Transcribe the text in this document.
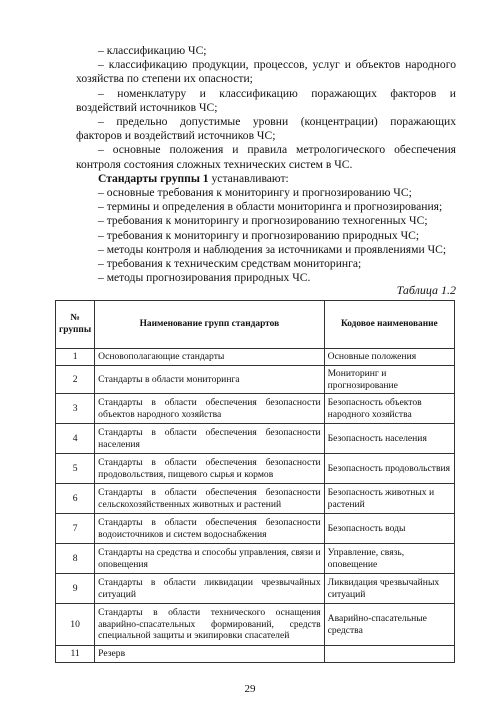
– классификацию ЧС;

– классификацию продукции, процессов, услуг и объектов народного хозяйства по степени их опасности;

– номенклатуру и классификацию поражающих факторов и воздействий источников ЧС;

– предельно допустимые уровни (концентрации) поражающих факторов и воздействий источников ЧС;

– основные положения и правила метрологического обеспечения контроля состояния сложных технических систем в ЧС.

Стандарты группы 1 устанавливают:

– основные требования к мониторингу и прогнозированию ЧС;

– термины и определения в области мониторинга и прогнозирования;

– требования к мониторингу и прогнозированию техногенных ЧС;

– требования к мониторингу и прогнозированию природных ЧС;

– методы контроля и наблюдения за источниками и проявлениями ЧС;

– требования к техническим средствам мониторинга;

– методы прогнозирования природных ЧС.

Таблица 1.2
№ группы	Наименование групп стандартов	Кодовое наименование
1	Основополагающие стандарты	Основные положения
2	Стандарты в области мониторинга	Мониторинг и прогнозирование
3	Стандарты в области обеспечения безопасности объектов народного хозяйства	Безопасность объектов народного хозяйства
4	Стандарты в области обеспечения безопасности населения	Безопасность населения
5	Стандарты в области обеспечения безопасности продовольствия, пищевого сырья и кормов	Безопасность продовольствия
6	Стандарты в области обеспечения безопасности сельскохозяйственных животных и растений	Безопасность животных и растений
7	Стандарты в области обеспечения безопасности водоисточников и систем водоснабжения	Безопасность воды
8	Стандарты на средства и способы управления, связи и оповещения	Управление, связь, оповещение
9	Стандарты в области ликвидации чрезвычайных ситуаций	Ликвидация чрезвычайных ситуаций
10	Стандарты в области технического оснащения аварийно-спасательных формирований, средств специальной защиты и экипировки спасателей	Аварийно-спасательные средства
11	Резерв	
29
